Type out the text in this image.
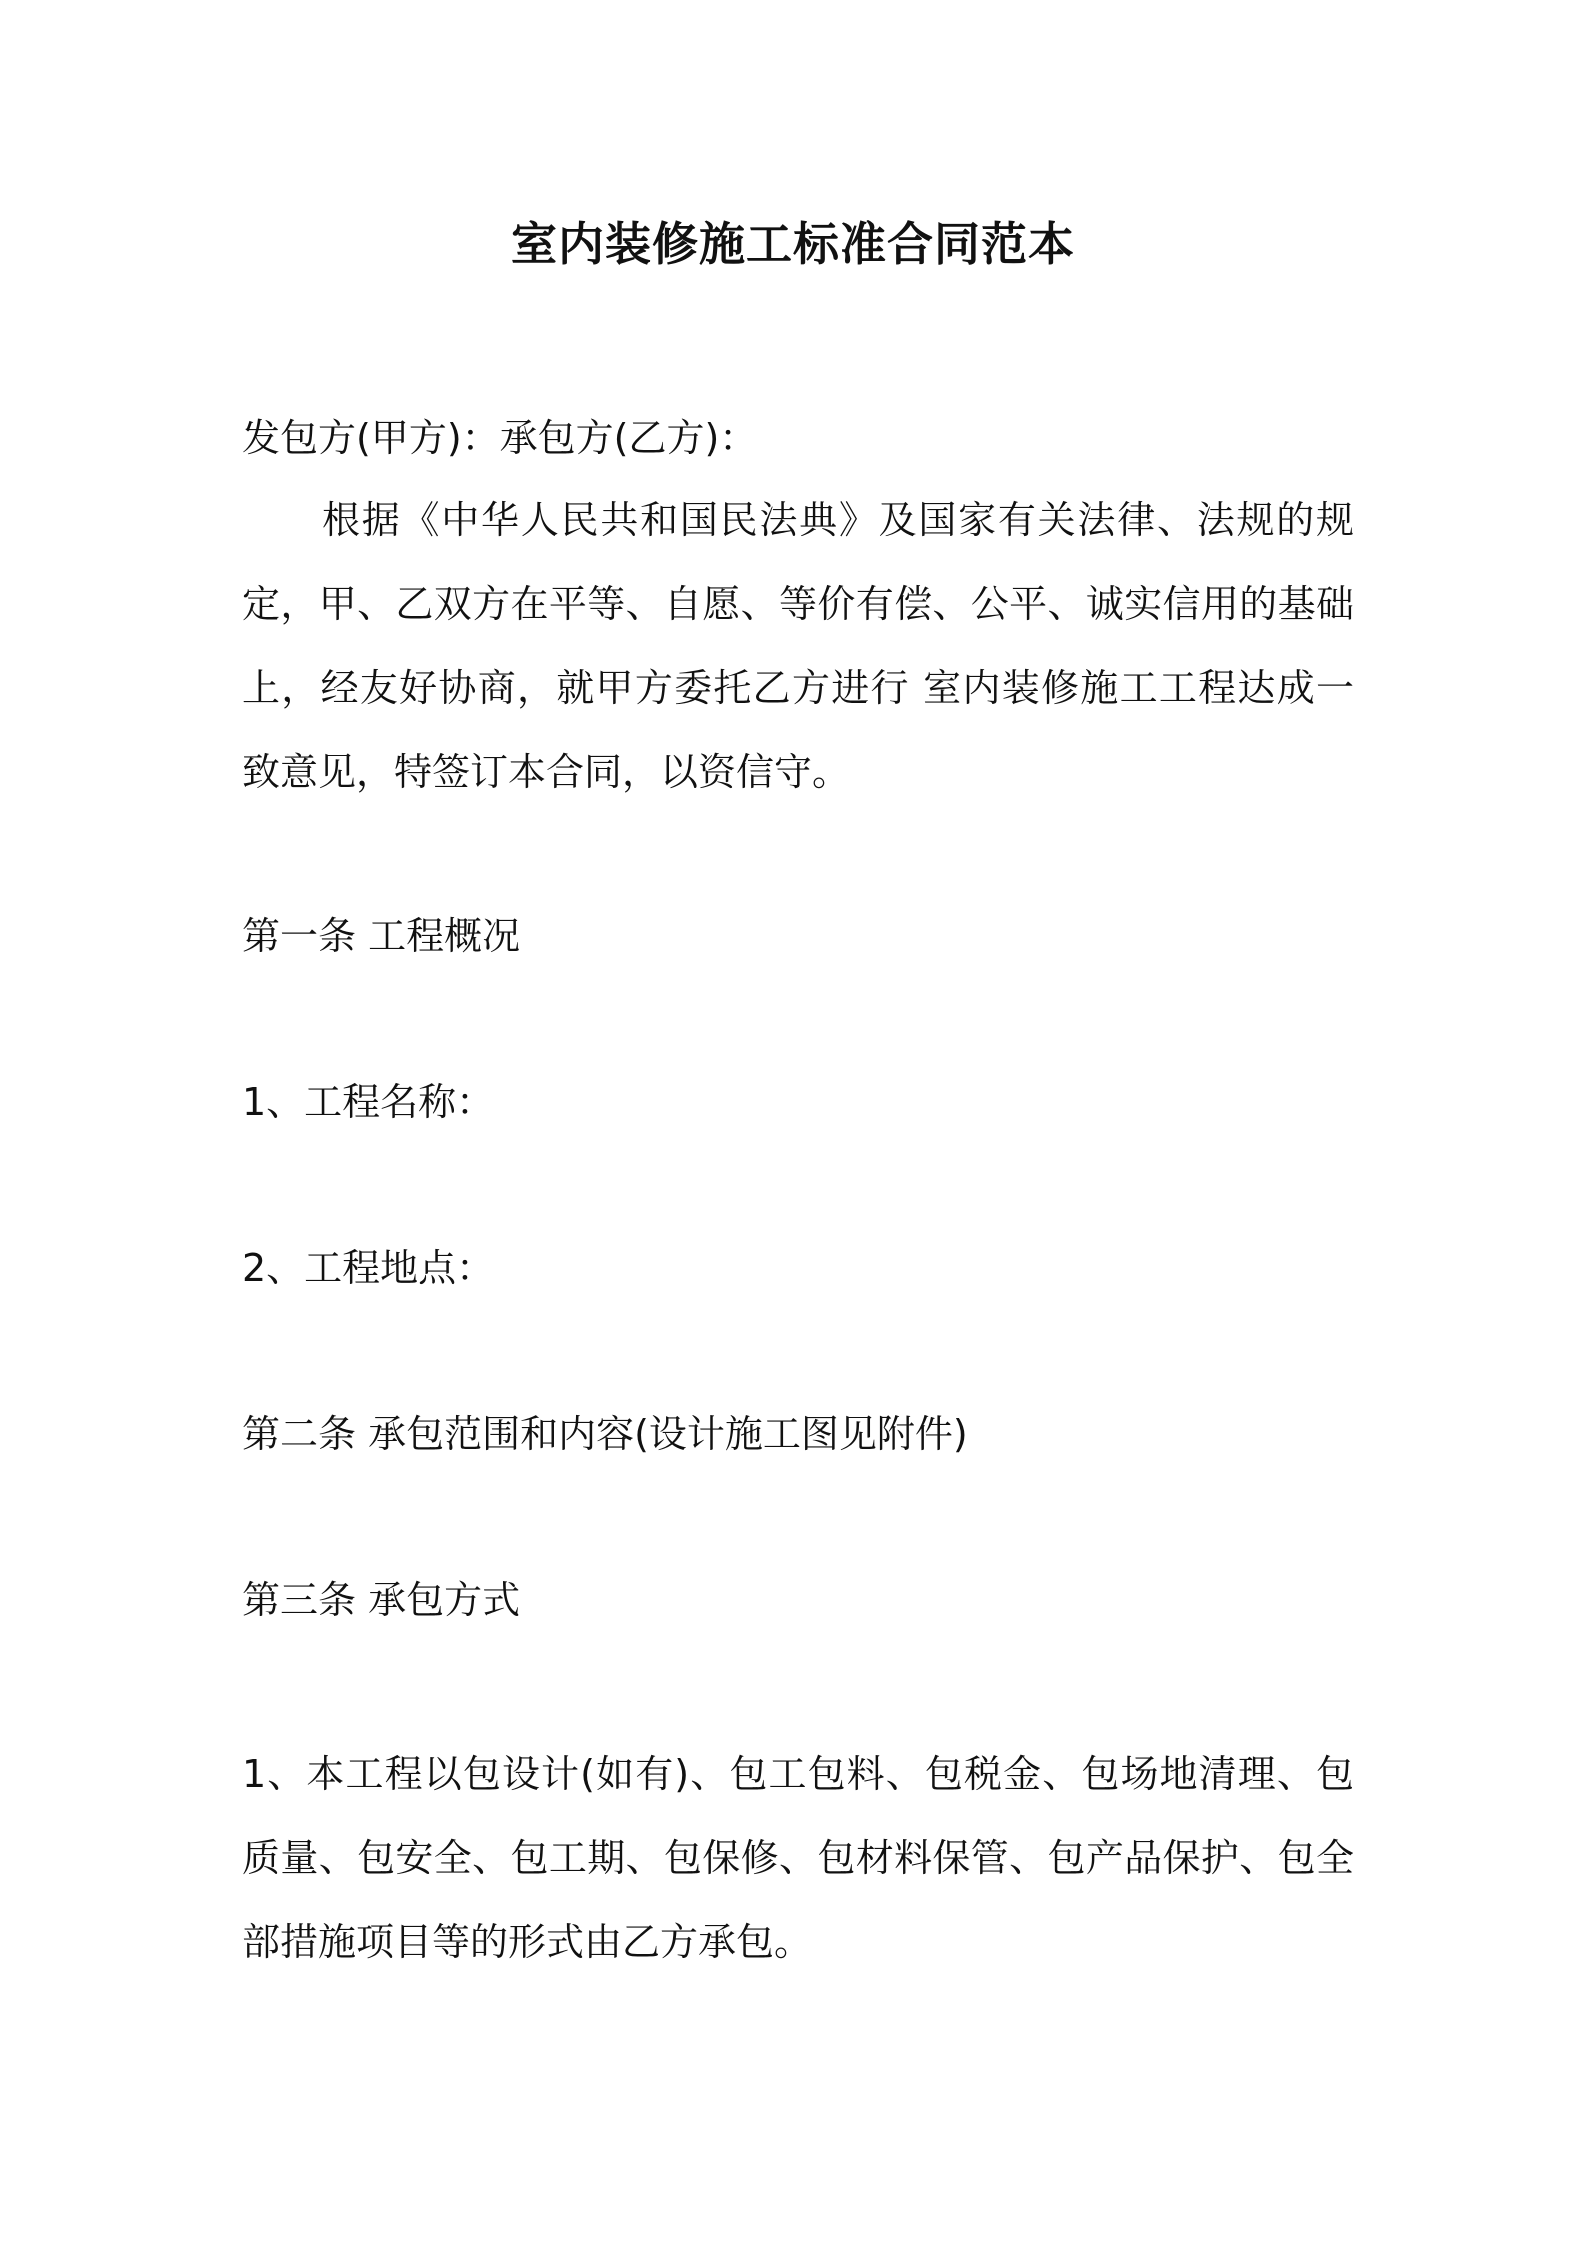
室内装修施工标准合同范本
发包方(甲方)：承包方(乙方)：
根据《中华人民共和国民法典》及国家有关法律、法规的规定，甲、乙双方在平等、自愿、等价有偿、公平、诚实信用的基础上，经友好协商，就甲方委托乙方进行 室内装修施工工程达成一致意见，特签订本合同，以资信守。
第一条 工程概况
1、工程名称：
2、工程地点：
第二条 承包范围和内容(设计施工图见附件)
第三条 承包方式
1、本工程以包设计(如有)、包工包料、包税金、包场地清理、包质量、包安全、包工期、包保修、包材料保管、包产品保护、包全部措施项目等的形式由乙方承包。
